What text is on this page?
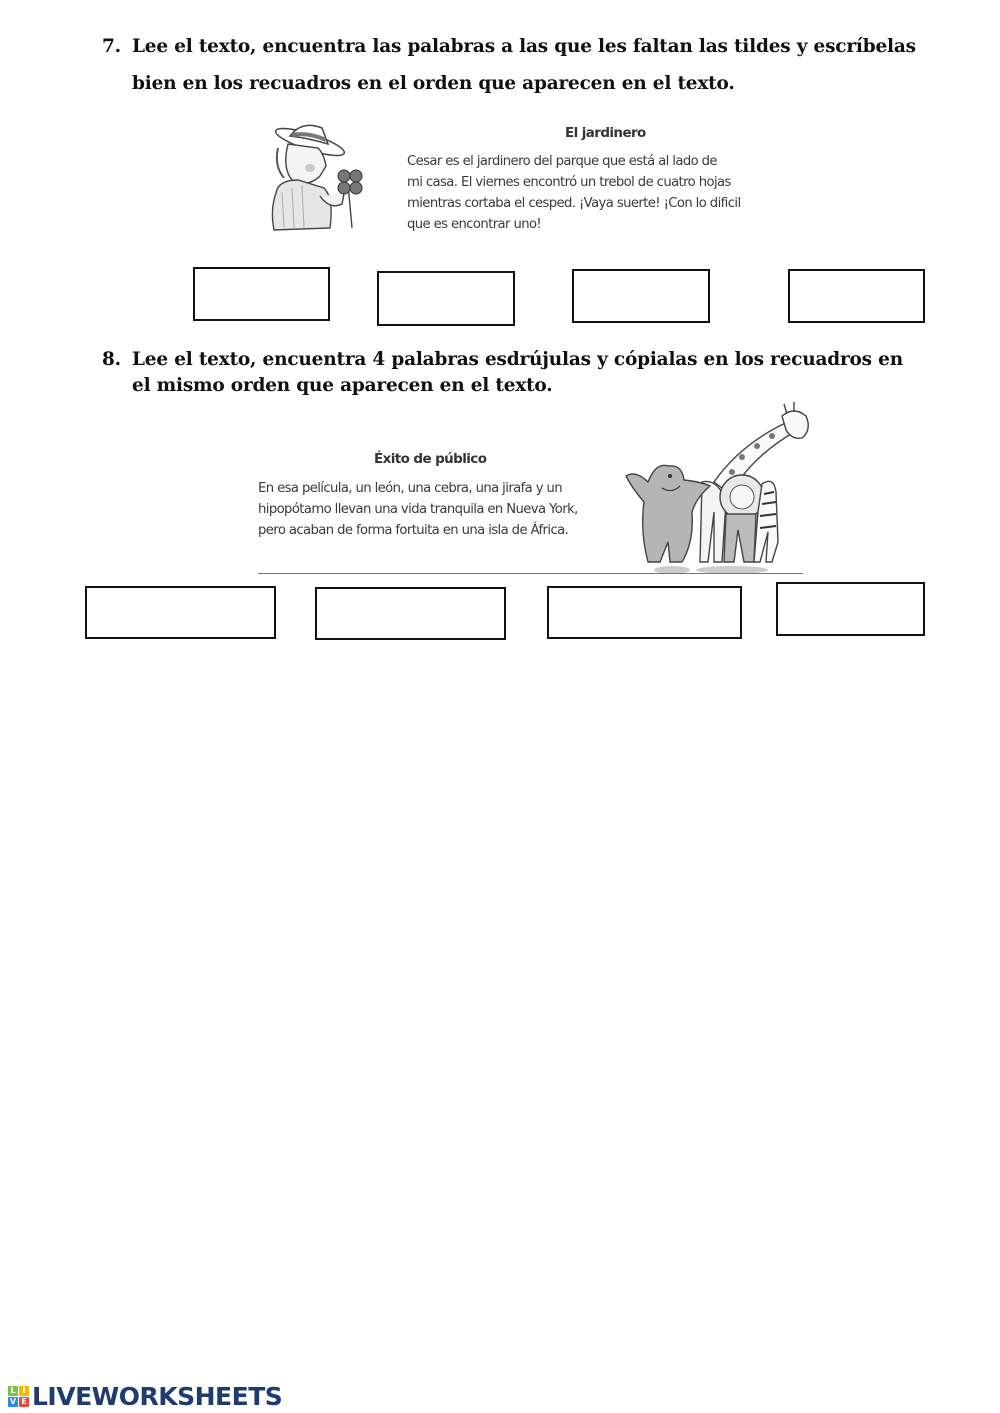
7. Lee el texto, encuentra las palabras a las que les faltan las tildes y escríbelas
bien en los recuadros en el orden que aparecen en el texto.
El jardinero
Cesar es el jardinero del parque que está al lado de
mi casa. El viernes encontró un trebol de cuatro hojas
mientras cortaba el cesped. ¡Vaya suerte! ¡Con lo dificil
que es encontrar uno!
8. Lee el texto, encuentra 4 palabras esdrújulas y cópialas en los recuadros en
el mismo orden que aparecen en el texto.
Éxito de público
En esa película, un león, una cebra, una jirafa y un
hipopótamo llevan una vida tranquila en Nueva York,
pero acaban de forma fortuita en una isla de África.
L I
V E LIVEWORKSHEETS
